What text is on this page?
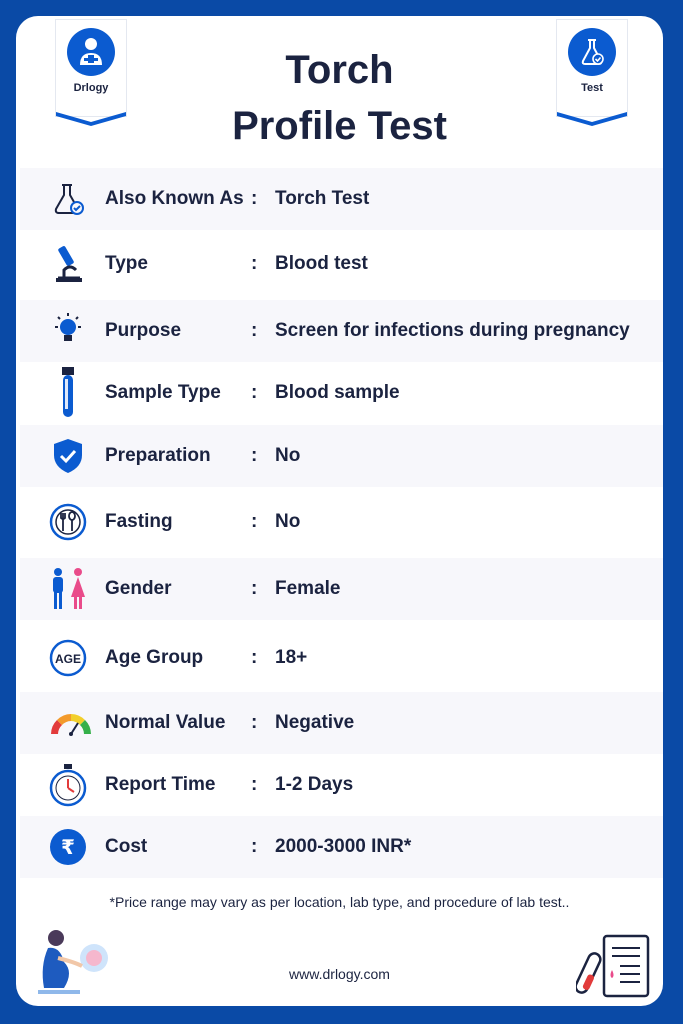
Drlogy	Test
Torch
Profile Test
Also Known As : Torch Test
Type	: Blood test
Purpose	: Screen for infections during pregnancy
Sample Type : Blood sample
Preparation : No
Fasting	: No
Gender	: Female
AGE Age Group	: 18+
Normal Value : Negative
Report Time : 1-2 Days
₹ Cost	: 2000-3000 INR*
*Price range may vary as per location, lab type, and procedure of lab test..
www.drlogy.com
